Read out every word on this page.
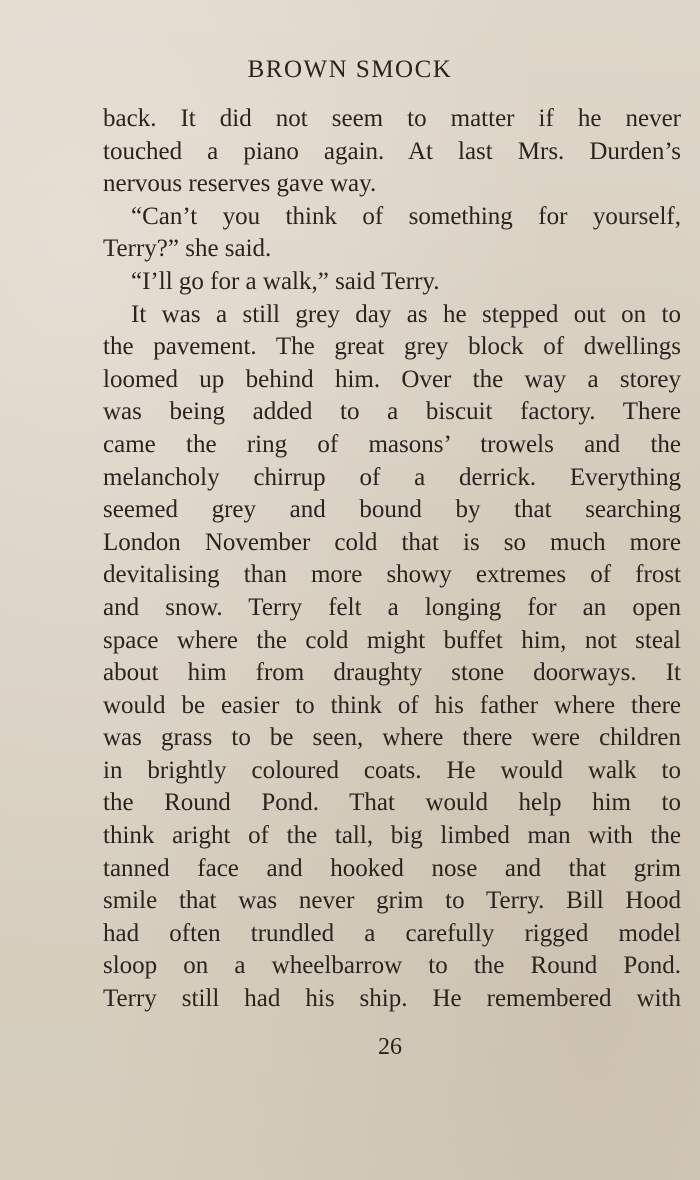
BROWN SMOCK
back. It did not seem to matter if he never
touched a piano again. At last Mrs. Durden’s
nervous reserves gave way.
“Can’t you think of something for yourself,
Terry?” she said.
“I’ll go for a walk,” said Terry.
It was a still grey day as he stepped out on to
the pavement. The great grey block of dwellings
loomed up behind him. Over the way a storey
was being added to a biscuit factory. There
came the ring of masons’ trowels and the
melancholy chirrup of a derrick. Everything
seemed grey and bound by that searching
London November cold that is so much more
devitalising than more showy extremes of frost
and snow. Terry felt a longing for an open
space where the cold might buffet him, not steal
about him from draughty stone doorways. It
would be easier to think of his father where there
was grass to be seen, where there were children
in brightly coloured coats. He would walk to
the Round Pond. That would help him to
think aright of the tall, big limbed man with the
tanned face and hooked nose and that grim
smile that was never grim to Terry. Bill Hood
had often trundled a carefully rigged model
sloop on a wheelbarrow to the Round Pond.
Terry still had his ship. He remembered with
26
